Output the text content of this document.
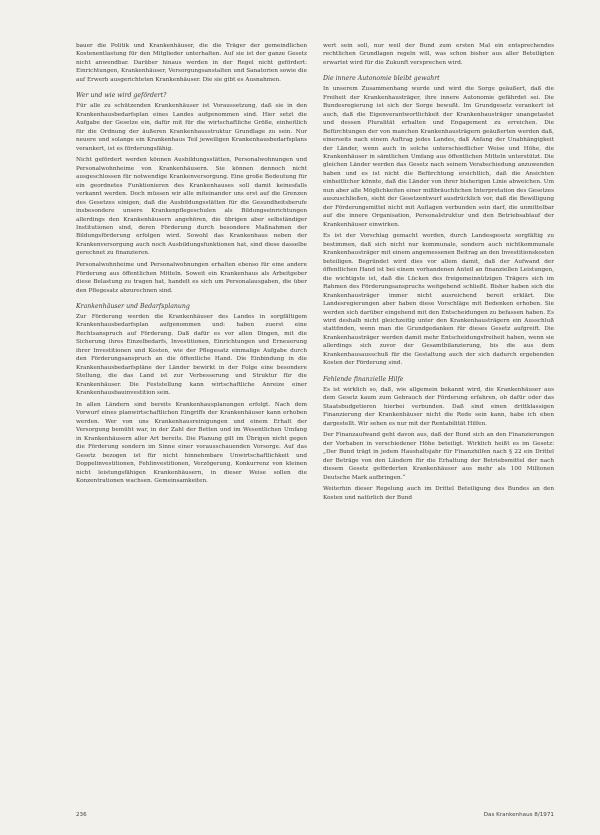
bauer die Politik und Krankenhäuser, die die Träger der gemeindlichen Kostenentlastung für den Mitglieder unterhalten. Auf sie ist der ganze Gesetz nicht anwendbar. Darüber hinaus werden in der Regel nicht gefördert: Einrichtungen, Krankenhäuser, Versorgungsanstalten und Sanatorien sowie die auf Erwerb ausgerichteten Krankenhäuser. Die sie gibt es Ausnahmen.

Wer und wie wird gefördert?

Für alle zu schützenden Krankenhäuser ist Voraussetzung, daß sie in den Krankenhausbedarfsplan eines Landes aufgenommen sind. Hier setzt die Aufgabe der Gesetze ein, dafür mit für die wirtschaftliche Größe, einheitlich für die Ordnung der äußeren Krankenhausstruktur Grundlage zu sein. Nur neuere und solange ein Krankenhaus Teil jeweiligen Krankenhausbedarfsplans verankert, ist es förderungsfähig.

Nicht gefördert werden können Ausbildungsstätten, Personalwohnungen und Personalwohnheime von Krankenhäusern. Sie können dennoch nicht ausgeschlossen für notwendige Krankenversorgung. Eine große Bedeutung für ein geordnetes Funktionieren des Krankenhauses soll damit keinesfalls verkannt werden. Doch müssen wir alle miteinander uns erst auf die Grenzen des Gesetzes einigen, daß die Ausbildungsstätten für die Gesundheitsberufe insbesondere unsere Krankenpflegeschulen als Bildungseinrichtungen allerdings den Krankenhäusern angehören, die übrigen aber selbständiger Institutionen sind, deren Förderung durch besondere Maßnahmen der Bildungsförderung erfolgen wird. Sowohl das Krankenhaus neben der Krankenversorgung auch noch Ausbildungsfunktionen hat, sind diese dasselbe gerechnet zu finanzieren.

Personalwohnheime und Personalwohnungen erhalten ebenso für eine andere Förderung aus öffentlichen Mitteln. Soweit ein Krankenhaus als Arbeitgeber diese Belastung zu tragen hat, handelt es sich um Personalausgaben, die über den Pflegesatz abzurechnen sind.

Krankenhäuser und Bedarfsplanung

Zur Förderung werden die Krankenhäuser des Landes in sorgfältigem Krankenhausbedarfsplan aufgenommen und: haben zuerst eine Rechtsanspruch auf Förderung. Daß dafür es vor allen Dingen, mit die Sicherung ihres Einzelbedarfs, Investitionen, Einrichtungen und Erneuerung ihrer Investitionen und Kosten, wie der Pflegesatz einmalige Aufgabe durch den Förderungsanspruch an die öffentliche Hand. Die Einbindung in die Krankenhausbedarfspläne der Länder bewirkt in der Folge eine besondere Stellung, die das Land ist zur Verbesserung und Struktur für die Krankenhäuser. Die Feststellung kann wirtschaftliche Anreize einer Krankenhausbauinvestition sein.

In allen Ländern sind bereits Krankenhausplanungen erfolgt. Nach dem Vorwurf eines planwirtschaftlichen Eingriffs der Krankenhäuser kann erhoben werden. Wer von uns Krankenhausreinigungen und einem Erhalt der Versorgung bemüht war, in der Zahl der Betten und im Wesentlichen Umfang in Krankenhäusern aller Art bereits. Die Planung gilt im Übrigen nicht gegen die Förderung sondern im Sinne einer vorausschauenden Vorsorge. Auf das Gesetz bezogen ist für nicht hinnehmbare Unwirtschaftlichkeit und Doppelinvestitionen, Fehlinvestitionen, Verzögerung, Konkurrenz von kleinen nicht leistungsfähigen Krankenhäusern, in dieser Weise sollen die Konzentrationen wachsen. Gemeinsamkeiten.

wert sein soll, nur weil der Bund zum ersten Mal ein entsprechendes rechtlichen Grundlagen regeln will, was schon bisher aus aller Beteiligten erwartet wird für die Zukunft versprechen wird.

Die innere Autonomie bleibt gewahrt

In unserem Zusammenhang wurde und wird die Sorge geäußert, daß die Freiheit der Krankenhausträger, ihre innere Autonomie gefährdet sei. Die Bundesregierung ist sich der Sorge bewußt. Im Grundgesetz verankert ist auch, daß die Eigenverantwortlichkeit der Krankenhausträger unangetastet und dessen Pluralität erhalten und Engagement zu erreichen. Die Befürchtungen der von manchen Krankenhausträgern geäußerten werden daß, einerseits nach einem Auftrag jedes Landes, daß Anfang der Unabhängigkeit der Länder, wenn auch in solche unterschiedlicher Weise und Höhe, die Krankenhäuser in sämtlichen Umfang aus öffentlichen Mitteln unterstützt. Die gleichen Länder werden das Gesetz nach seinem Verabschiedung anzuwenden haben und es ist nicht die Befürchtung ersichtlich, daß die Ansichten einheitlicher könnte, daß die Länder von ihrer bisherigen Linie abweichen. Um nun aber alle Möglichkeiten einer mißbräuchlichen Interpretation des Gesetzes auszuschließen, sieht der Gesetzentwurf ausdrücklich vor, daß die Bewilligung der Förderungsmittel nicht mit Auflagen verbunden sein darf, die unmittelbar auf die innere Organisation, Personalstruktur und den Betriebsablauf der Krankenhäuser einwirken.

Es ist der Vorschlag gemacht worden, durch Landesgesetz sorgfältig zu bestimmen, daß sich nicht nur kommunale, sondern auch nichtkommunale Krankenhausträger mit einem angemessenen Beitrag an den Investitionskosten beteiligen. Begründet wird dies vor allem damit, daß der Aufwand der öffentlichen Hand ist bei einem vorhandenen Anteil an finanziellen Leistungen, die wichtigste ist, daß die Lücken des freigemeinnützigen Trägers sich im Rahmen des Förderungsanspruchs weitgehend schließt. Bisher haben sich die Krankenhausträger immer nicht ausreichend bereit erklärt. Die Landesregierungen aber haben diese Vorschläge mit Bedenken erhoben. Sie werden sich darüber eingehend mit den Entscheidungen zu befassen haben. Es wird deshalb nicht gleichzeitig unter den Krankenhausträgern ein Ausschluß stattfinden, wenn man die Grundgedanken für dieses Gesetz aufgreift. Die Krankenhausträger werden damit mehr Entscheidungsfreiheit haben, wenn sie allerdings sich zuvor der Gesamtbilanzierung, bis die aus dem Krankenhausausschuß für die Gestaltung auch der sich dadurch ergebenden Kosten der Förderung sind.

Fehlende finanzielle Hilfe

Es ist wirklich so, daß, wie allgemein bekannt wird, die Krankenhäuser aus dem Gesetz kaum zum Gebrauch der Förderung erfahren, ob dafür oder das Staatsbudgetieren hierbei verbunden. Daß sind einen drittklassigen Finanzierung der Krankenhäuser nicht die Rede sein kann, habe ich eben dargestellt. Wir sehen es nur mit der Rentabilität Hilfen.

Der Finanzaufwand geht davon aus, daß der Bund sich an den Finanzierungen der Vorhaben in verschiedener Höhe beteiligt. Wirklich heißt es im Gesetz: „Der Bund trägt in jedem Haushaltsjahr für Finanzhilfen nach § 22 ein Drittel der Beträge von den Ländern für die Erhaltung der Betriebsmittel der nach diesem Gesetz geförderten Krankenhäuser aus mehr als 100 Millionen Deutsche Mark aufbringen.“

Weiterhin dieser Regelung auch im Drittel Beteiligung des Bundes an den Kosten und natürlich der Bund

236	Das Krankenhaus 8/1971
